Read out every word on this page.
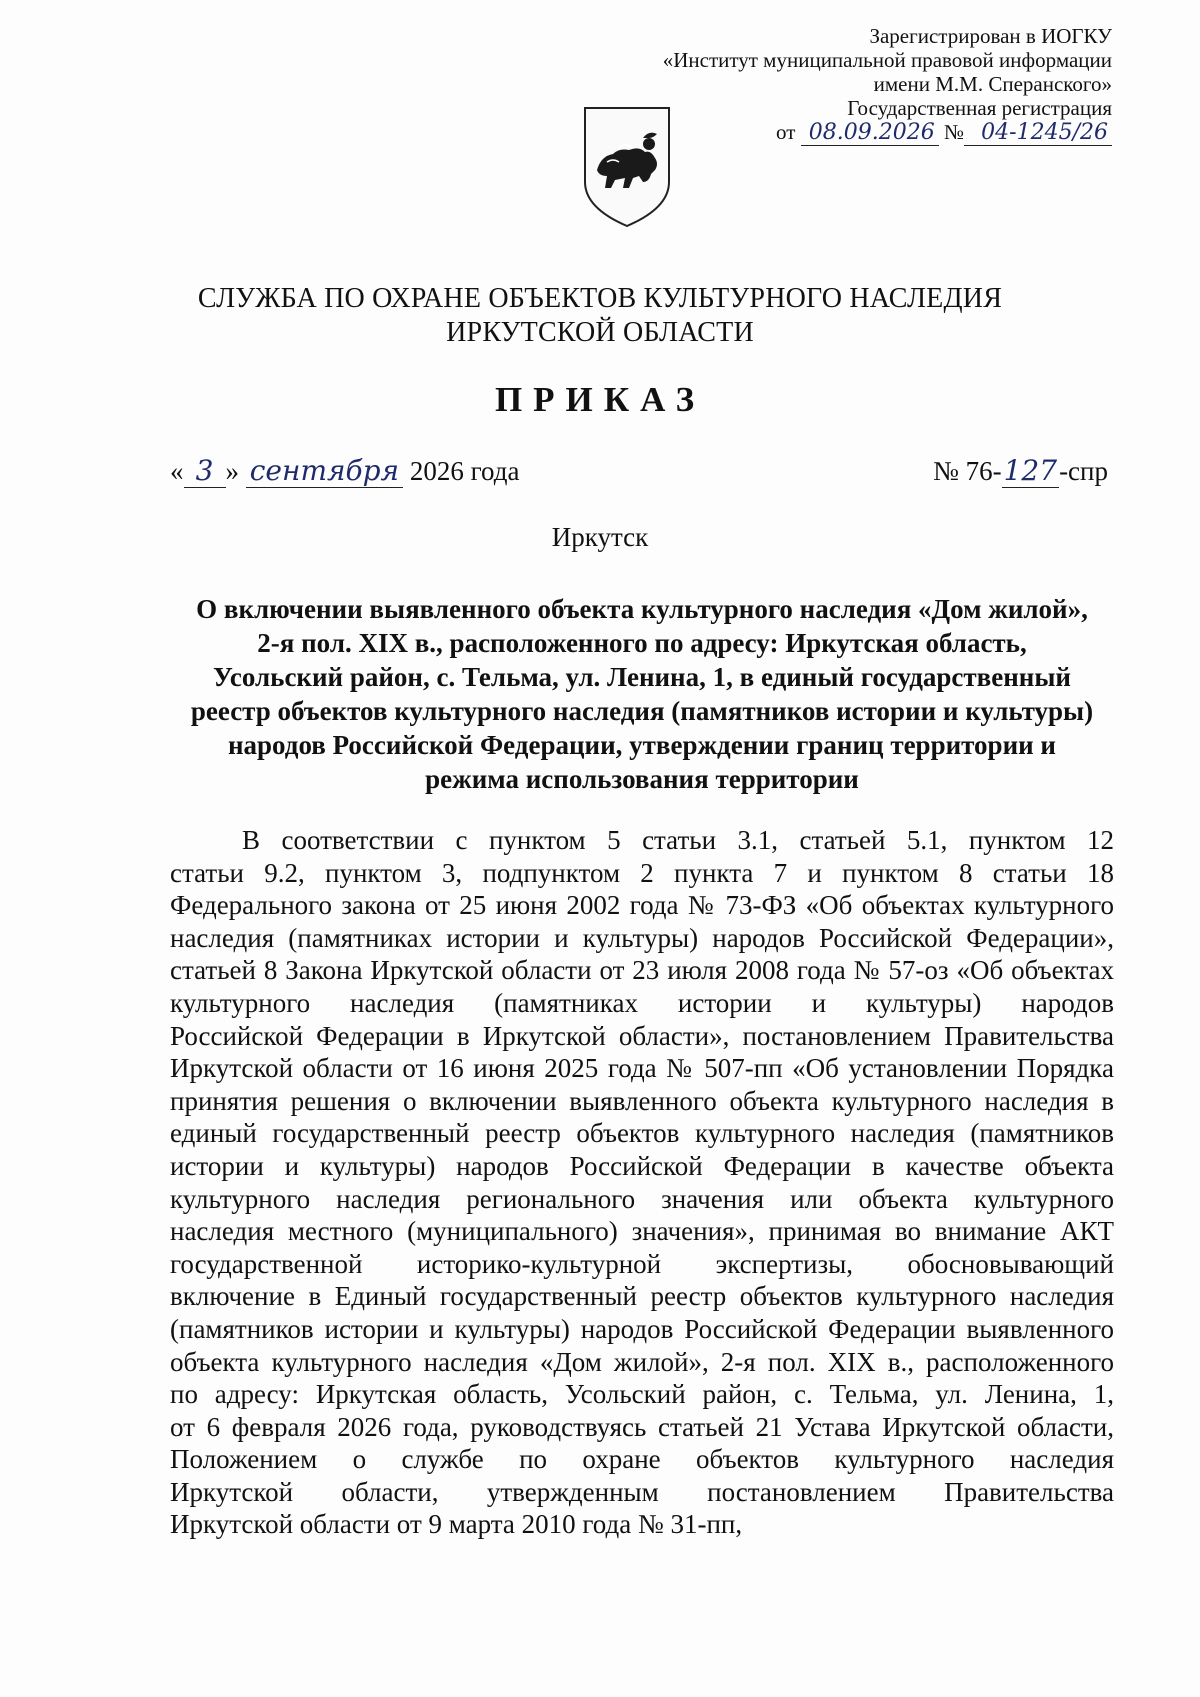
Зарегистрирован в ИОГКУ
«Институт муниципальной правовой информации
имени М.М. Сперанского»
Государственная регистрация
от 08.09.2026 № 04-1245/26
СЛУЖБА ПО ОХРАНЕ ОБЪЕКТОВ КУЛЬТУРНОГО НАСЛЕДИЯ
ИРКУТСКОЙ ОБЛАСТИ
ПРИКАЗ
« 3 » сентября 2026 года	№ 76-127-спр
Иркутск
О включении выявленного объекта культурного наследия «Дом жилой»,
2-я пол. XIX в., расположенного по адресу: Иркутская область,
Усольский район, с. Тельма, ул. Ленина, 1, в единый государственный
реестр объектов культурного наследия (памятников истории и культуры)
народов Российской Федерации, утверждении границ территории и
режима использования территории
В соответствии с пунктом 5 статьи 3.1, статьей 5.1, пунктом 12
статьи 9.2, пунктом 3, подпунктом 2 пункта 7 и пунктом 8 статьи 18
Федерального закона от 25 июня 2002 года № 73-ФЗ «Об объектах культурного
наследия (памятниках истории и культуры) народов Российской Федерации»,
статьей 8 Закона Иркутской области от 23 июля 2008 года № 57-оз «Об объектах
культурного наследия (памятниках истории и культуры) народов
Российской Федерации в Иркутской области», постановлением Правительства
Иркутской области от 16 июня 2025 года № 507-пп «Об установлении Порядка
принятия решения о включении выявленного объекта культурного наследия в
единый государственный реестр объектов культурного наследия (памятников
истории и культуры) народов Российской Федерации в качестве объекта
культурного наследия регионального значения или объекта культурного
наследия местного (муниципального) значения», принимая во внимание АКТ
государственной историко-культурной экспертизы, обосновывающий
включение в Единый государственный реестр объектов культурного наследия
(памятников истории и культуры) народов Российской Федерации выявленного
объекта культурного наследия «Дом жилой», 2-я пол. XIX в., расположенного
по адресу: Иркутская область, Усольский район, с. Тельма, ул. Ленина, 1,
от 6 февраля 2026 года, руководствуясь статьей 21 Устава Иркутской области,
Положением о службе по охране объектов культурного наследия
Иркутской области, утвержденным постановлением Правительства
Иркутской области от 9 марта 2010 года № 31-пп,
